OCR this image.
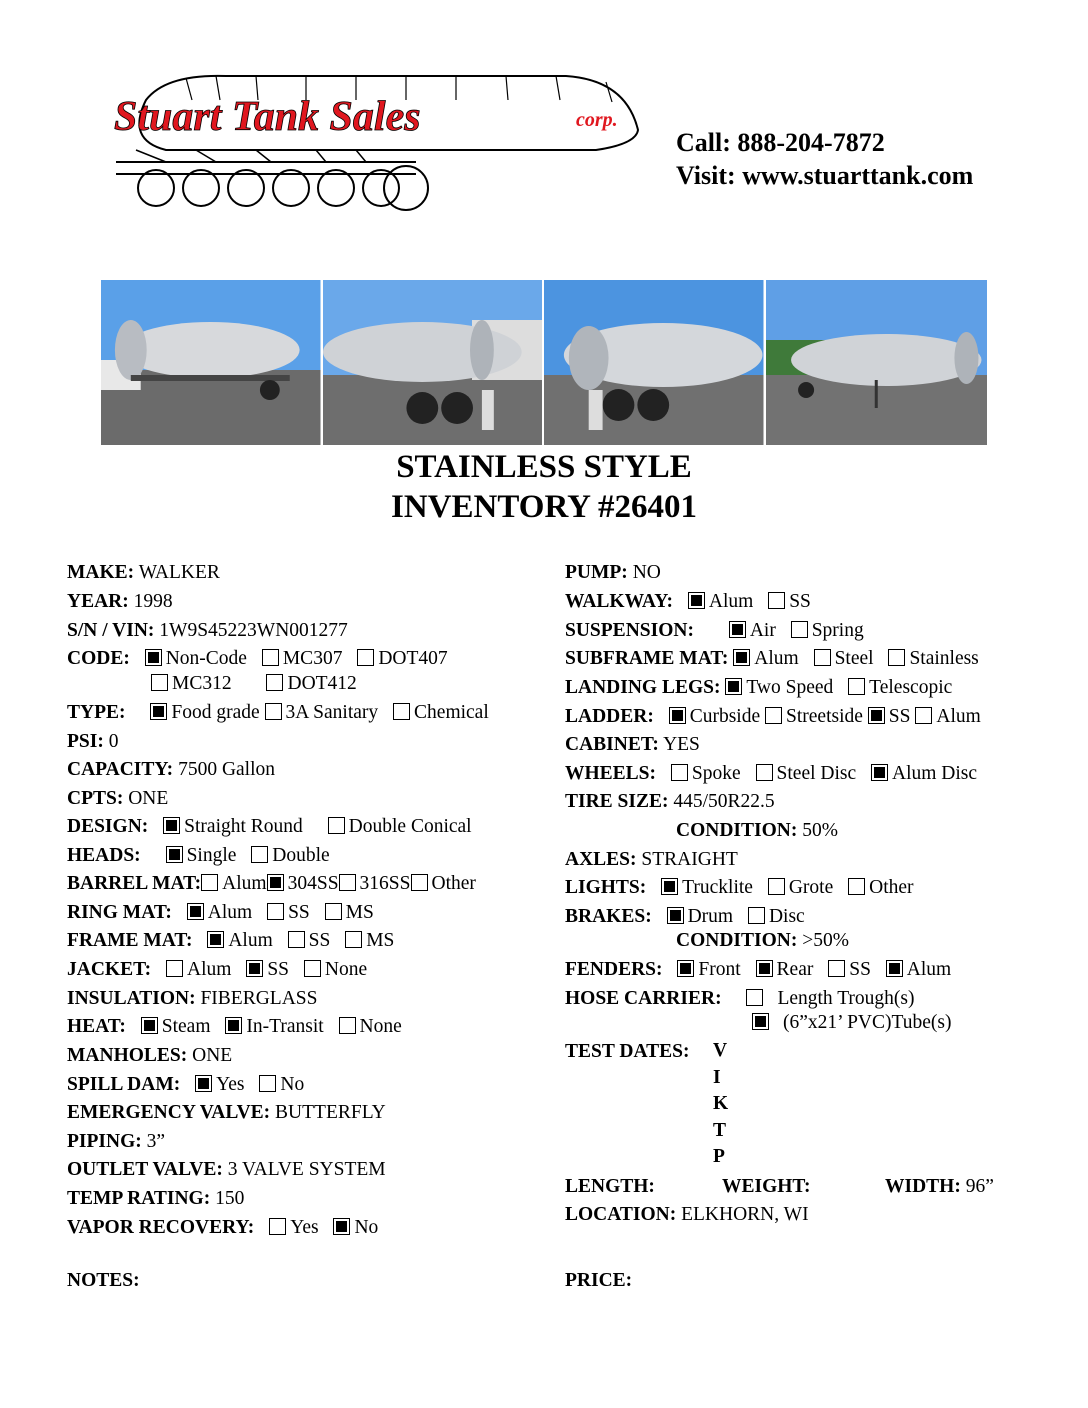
Stuart Tank Sales	corp.
Call: 888-204-7872
Visit: www.stuarttank.com
STAINLESS STYLE
INVENTORY #26401
MAKE: WALKER
YEAR: 1998
S/N / VIN: 1W9S45223WN001277
CODE: Non-Code MC307 DOT407
MC312	DOT412
TYPE: Food grade 3A Sanitary Chemical
PSI: 0
CAPACITY: 7500 Gallon
CPTS: ONE
DESIGN: Straight Round Double Conical
HEADS: Single Double
BARREL MAT: Alum 304SS 316SS Other
RING MAT: Alum SS MS
FRAME MAT: Alum SS MS
JACKET: Alum SS None
INSULATION: FIBERGLASS
HEAT: Steam In-Transit None
MANHOLES: ONE
SPILL DAM: Yes No
EMERGENCY VALVE: BUTTERFLY
PIPING: 3”
OUTLET VALVE: 3 VALVE SYSTEM
TEMP RATING: 150
VAPOR RECOVERY: Yes No
NOTES:
PUMP: NO
WALKWAY: Alum SS
SUSPENSION:	Air Spring
SUBFRAME MAT: Alum Steel Stainless
LANDING LEGS: Two Speed Telescopic
LADDER: Curbside Streetside SS Alum
CABINET: YES
WHEELS: Spoke Steel Disc Alum Disc
TIRE SIZE: 445/50R22.5
CONDITION: 50%
AXLES: STRAIGHT
LIGHTS: Trucklite Grote Other
BRAKES: Drum Disc
CONDITION: >50%
FENDERS: Front Rear SS Alum
HOSE CARRIER:	Length Trough(s)
(6”x21’ PVC)Tube(s)
TEST DATES: V
I
K
T
P
LENGTH:	WEIGHT:	WIDTH: 96”
LOCATION: ELKHORN, WI
PRICE:
